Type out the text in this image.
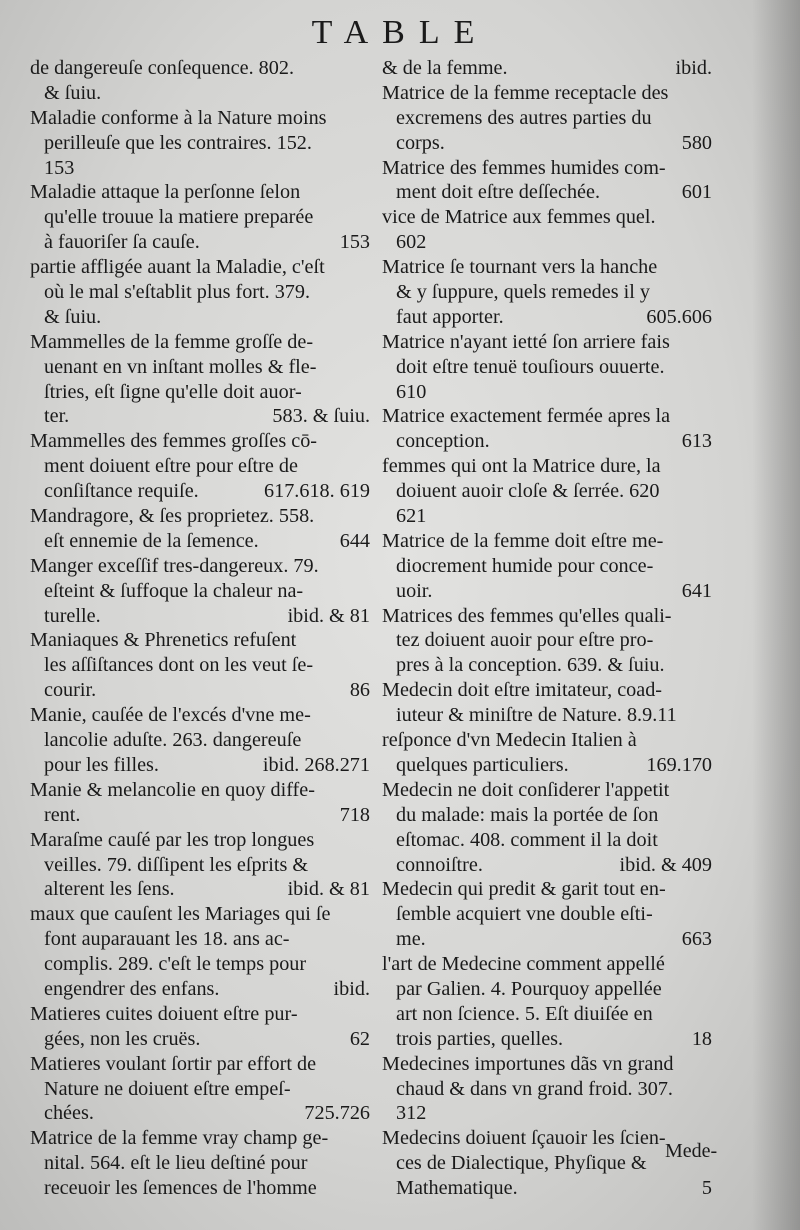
TABLE
de dangereuſe conſequence. 802.
& ſuiu.
Maladie conforme à la Nature moins
perilleuſe que les contraires. 152.
153
Maladie attaque la perſonne ſelon
qu'elle trouue la matiere preparée
à fauoriſer ſa cauſe.	153
partie affligée auant la Maladie, c'eſt
où le mal s'eſtablit plus fort. 379.
& ſuiu.
Mammelles de la femme groſſe de-
uenant en vn inſtant molles & fle-
ſtries, eſt ſigne qu'elle doit auor-
ter.	583. & ſuiu.
Mammelles des femmes groſſes cō-
ment doiuent eſtre pour eſtre de
conſiſtance requiſe.	617.618. 619
Mandragore, & ſes proprietez. 558.
eſt ennemie de la ſemence.	644
Manger exceſſif tres-dangereux. 79.
eſteint & ſuffoque la chaleur na-
turelle.	ibid. & 81
Maniaques & Phrenetics refuſent
les aſſiſtances dont on les veut ſe-
courir.	86
Manie, cauſée de l'excés d'vne me-
lancolie aduſte. 263. dangereuſe
pour les filles.	ibid. 268.271
Manie & melancolie en quoy diffe-
rent.	718
Maraſme cauſé par les trop longues
veilles. 79. diſſipent les eſprits &
alterent les ſens.	ibid. & 81
maux que cauſent les Mariages qui ſe
font auparauant les 18. ans ac-
complis. 289. c'eſt le temps pour
engendrer des enfans.	ibid.
Matieres cuites doiuent eſtre pur-
gées, non les cruës.	62
Matieres voulant ſortir par effort de
Nature ne doiuent eſtre empeſ-
chées.	725.726
Matrice de la femme vray champ ge-
nital. 564. eſt le lieu deſtiné pour
receuoir les ſemences de l'homme
& de la femme.	ibid.
Matrice de la femme receptacle des
excremens des autres parties du
corps.	580
Matrice des femmes humides com-
ment doit eſtre deſſechée.	601
vice de Matrice aux femmes quel.
602
Matrice ſe tournant vers la hanche
& y ſuppure, quels remedes il y
faut apporter.	605.606
Matrice n'ayant ietté ſon arriere fais
doit eſtre tenuë touſiours ouuerte.
610
Matrice exactement fermée apres la
conception.	613
femmes qui ont la Matrice dure, la
doiuent auoir cloſe & ſerrée. 620
621
Matrice de la femme doit eſtre me-
diocrement humide pour conce-
uoir.	641
Matrices des femmes qu'elles quali-
tez doiuent auoir pour eſtre pro-
pres à la conception. 639. & ſuiu.
Medecin doit eſtre imitateur, coad-
iuteur & miniſtre de Nature. 8.9.11
reſponce d'vn Medecin Italien à
quelques particuliers.	169.170
Medecin ne doit conſiderer l'appetit
du malade: mais la portée de ſon
eſtomac. 408. comment il la doit
connoiſtre.	ibid. & 409
Medecin qui predit & garit tout en-
ſemble acquiert vne double eſti-
me.	663
l'art de Medecine comment appellé
par Galien. 4. Pourquoy appellée
art non ſcience. 5. Eſt diuiſée en
trois parties, quelles.	18
Medecines importunes dãs vn grand
chaud & dans vn grand froid. 307.
312
Medecins doiuent ſçauoir les ſcien-
ces de Dialectique, Phyſique &
Mathematique.	5
Mede-
